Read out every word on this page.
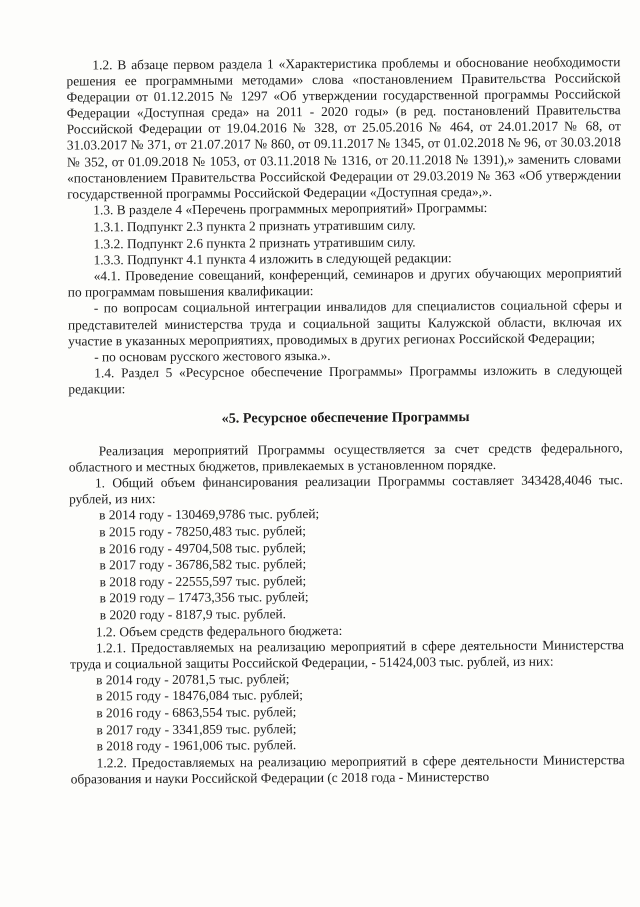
1.2. В абзаце первом раздела 1 «Характеристика проблемы и обоснование необходимости решения ее программными методами» слова «постановлением Правительства Российской Федерации от 01.12.2015 № 1297 «Об утверждении государственной программы Российской Федерации «Доступная среда» на 2011 - 2020 годы» (в ред. постановлений Правительства Российской Федерации от 19.04.2016 № 328, от 25.05.2016 № 464, от 24.01.2017 № 68, от 31.03.2017 № 371, от 21.07.2017 № 860, от 09.11.2017 № 1345, от 01.02.2018 № 96, от 30.03.2018 № 352, от 01.09.2018 № 1053, от 03.11.2018 № 1316, от 20.11.2018 № 1391),» заменить словами «постановлением Правительства Российской Федерации от 29.03.2019 № 363 «Об утверждении государственной программы Российской Федерации «Доступная среда»,».

1.3. В разделе 4 «Перечень программных мероприятий» Программы:

1.3.1. Подпункт 2.3 пункта 2 признать утратившим силу.

1.3.2. Подпункт 2.6 пункта 2 признать утратившим силу.

1.3.3. Подпункт 4.1 пункта 4 изложить в следующей редакции:

«4.1. Проведение совещаний, конференций, семинаров и других обучающих мероприятий по программам повышения квалификации:

- по вопросам социальной интеграции инвалидов для специалистов социальной сферы и представителей министерства труда и социальной защиты Калужской области, включая их участие в указанных мероприятиях, проводимых в других регионах Российской Федерации;

- по основам русского жестового языка.».

1.4. Раздел 5 «Ресурсное обеспечение Программы» Программы изложить в следующей редакции:

«5. Ресурсное обеспечение Программы

Реализация мероприятий Программы осуществляется за счет средств федерального, областного и местных бюджетов, привлекаемых в установленном порядке.

1. Общий объем финансирования реализации Программы составляет 343428,4046 тыс. рублей, из них:

в 2014 году - 130469,9786 тыс. рублей;

в 2015 году - 78250,483 тыс. рублей;

в 2016 году - 49704,508 тыс. рублей;

в 2017 году - 36786,582 тыс. рублей;

в 2018 году - 22555,597 тыс. рублей;

в 2019 году – 17473,356 тыс. рублей;

в 2020 году - 8187,9 тыс. рублей.

1.2. Объем средств федерального бюджета:

1.2.1. Предоставляемых на реализацию мероприятий в сфере деятельности Министерства труда и социальной защиты Российской Федерации, - 51424,003 тыс. рублей, из них:

в 2014 году - 20781,5 тыс. рублей;

в 2015 году - 18476,084 тыс. рублей;

в 2016 году - 6863,554 тыс. рублей;

в 2017 году - 3341,859 тыс. рублей;

в 2018 году - 1961,006 тыс. рублей.

1.2.2. Предоставляемых на реализацию мероприятий в сфере деятельности Министерства образования и науки Российской Федерации (с 2018 года - Министерство
